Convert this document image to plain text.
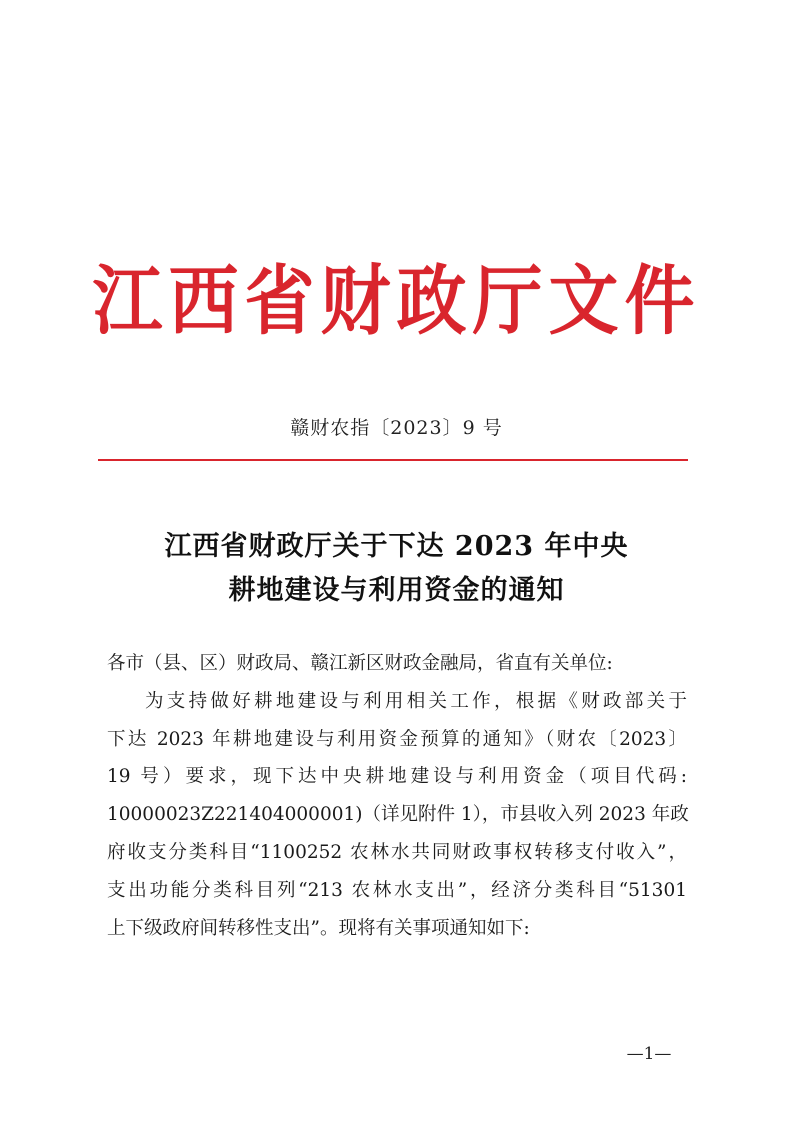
江西省财政厅文件
赣财农指〔2023〕9 号
江西省财政厅关于下达 2023 年中央
耕地建设与利用资金的通知
各市（县、区）财政局、赣江新区财政金融局，省直有关单位:
为支持做好耕地建设与利用相关工作，根据《财政部关于
下达 2023 年耕地建设与利用资金预算的通知》（财农〔2023〕
19 号）要求，现下达中央耕地建设与利用资金（项目代码:
10000023Z221404000001)（详见附件 1），市县收入列 2023 年政
府收支分类科目“1100252 农林水共同财政事权转移支付收入”，
支出功能分类科目列“213 农林水支出”，经济分类科目“51301
上下级政府间转移性支出”。现将有关事项通知如下:
—1—
